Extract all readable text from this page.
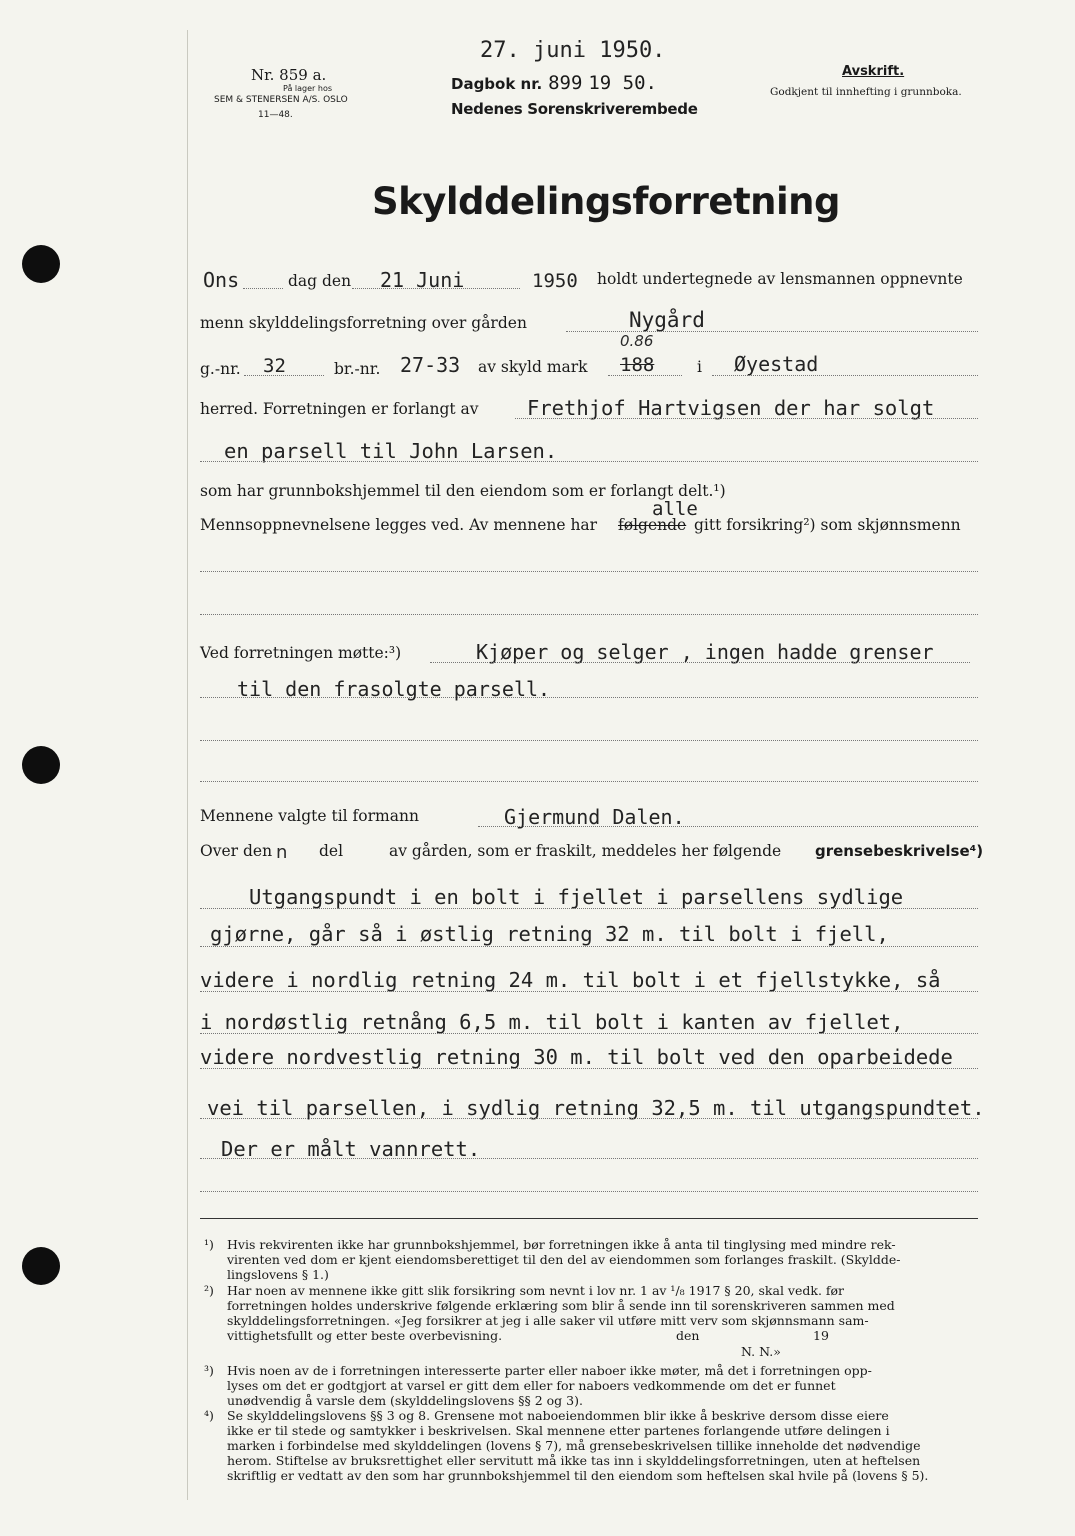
27. juni 1950.
Nr. 859 a.
På lager hos
SEM & STENERSEN A/S. OSLO
11—48.
Dagbok nr. 899 19 50.
Nedenes Sorenskriverembede
Avskrift.
Godkjent til innhefting i grunnboka.
Skylddelingsforretning
Ons	dag den 21 Juni	1950 holdt undertegnede av lensmannen oppnevnte
menn skylddelingsforretning over gården	Nygård
g.-nr. 32	br.-nr. 27-33 av skyld mark
0.86
188	i Øyestad
herred. Forretningen er forlangt av Frethjof Hartvigsen der har solgt
en parsell til John Larsen.
som har grunnbokshjemmel til den eiendom som er forlangt delt.¹)
Mennsoppnevnelsene legges ved. Av mennene har
alle
følgende gitt forsikring²) som skjønnsmenn
Ved forretningen møtte:³)	Kjøper og selger , ingen hadde grenser
til den frasolgte parsell.
Mennene valgte til formann	Gjermund Dalen.
Over den n del	av gården, som er fraskilt, meddeles her følgende grensebeskrivelse⁴)
Utgangspundt i en bolt i fjellet i parsellens sydlige
gjørne, går så i østlig retning 32 m. til bolt i fjell,
videre i nordlig retning 24 m. til bolt i et fjellstykke, så
i nordøstlig retnång 6,5 m. til bolt i kanten av fjellet,
videre nordvestlig retning 30 m. til bolt ved den oparbeidede
vei til parsellen, i sydlig retning 32,5 m. til utgangspundtet.
Der er målt vannrett.
¹) Hvis rekvirenten ikke har grunnbokshjemmel, bør forretningen ikke å anta til tinglysing med mindre rek-
virenten ved dom er kjent eiendomsberettiget til den del av eiendommen som forlanges fraskilt. (Skyldde-
lingslovens § 1.)
²) Har noen av mennene ikke gitt slik forsikring som nevnt i lov nr. 1 av ¹/₈ 1917 § 20, skal vedk. før
forretningen holdes underskrive følgende erklæring som blir å sende inn til sorenskriveren sammen med
skylddelingsforretningen. «Jeg forsikrer at jeg i alle saker vil utføre mitt verv som skjønnsmann sam-
vittighetsfullt og etter beste overbevisning.	den	19
N. N.»
³) Hvis noen av de i forretningen interesserte parter eller naboer ikke møter, må det i forretningen opp-
lyses om det er godtgjort at varsel er gitt dem eller for naboers vedkommende om det er funnet
unødvendig å varsle dem (skylddelingslovens §§ 2 og 3).
⁴) Se skylddelingslovens §§ 3 og 8. Grensene mot naboeiendommen blir ikke å beskrive dersom disse eiere
ikke er til stede og samtykker i beskrivelsen. Skal mennene etter partenes forlangende utføre delingen i
marken i forbindelse med skylddelingen (lovens § 7), må grensebeskrivelsen tillike inneholde det nødvendige
herom. Stiftelse av bruksrettighet eller servitutt må ikke tas inn i skylddelingsforretningen, uten at heftelsen
skriftlig er vedtatt av den som har grunnbokshjemmel til den eiendom som heftelsen skal hvile på (lovens § 5).
